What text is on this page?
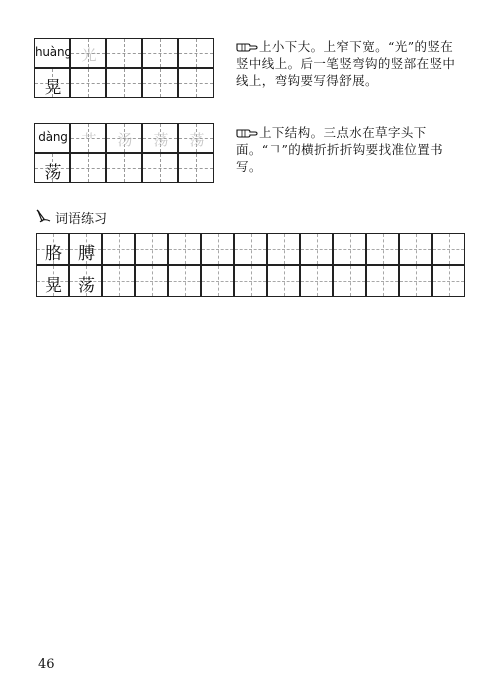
huàng 光
晃
上小下大。上窄下宽。“光”的竖在竖中线上。后一笔竖弯钩的竖部在竖中线上，弯钩要写得舒展。
dàng 艹	汤	荡	荡
荡
上下结构。三点水在草字头下面。“𠃍”的横折折折钩要找准位置书写。
词语练习
胳 膊
晃 荡
46
